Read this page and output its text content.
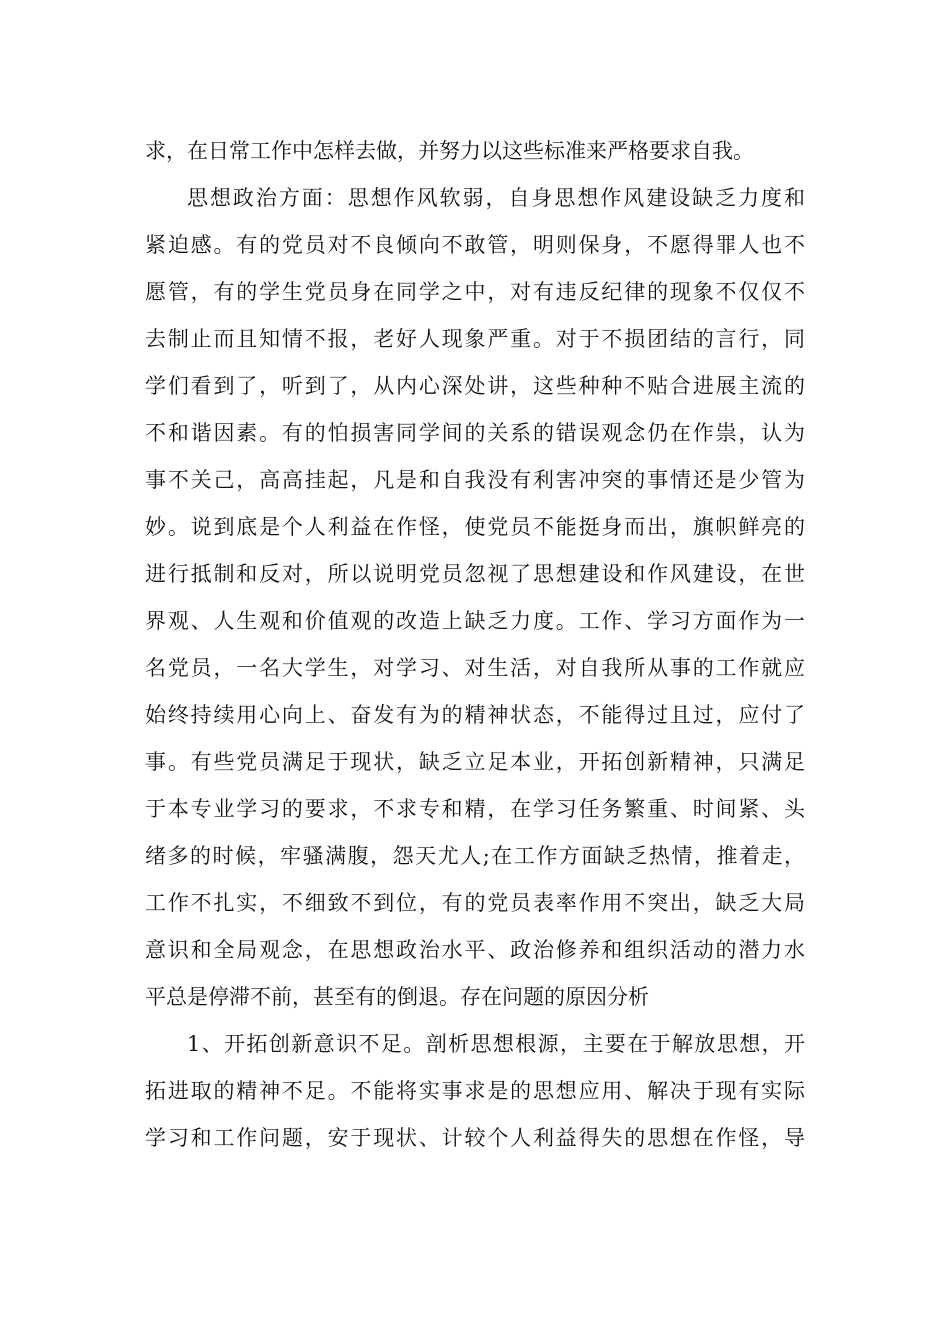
求，在日常工作中怎样去做，并努力以这些标准来严格要求自我。
思想政治方面：思想作风软弱，自身思想作风建设缺乏力度和
紧迫感。有的党员对不良倾向不敢管，明则保身，不愿得罪人也不
愿管，有的学生党员身在同学之中，对有违反纪律的现象不仅仅不
去制止而且知情不报，老好人现象严重。对于不损团结的言行，同
学们看到了，听到了，从内心深处讲，这些种种不贴合进展主流的
不和谐因素。有的怕损害同学间的关系的错误观念仍在作祟，认为
事不关己，高高挂起，凡是和自我没有利害冲突的事情还是少管为
妙。说到底是个人利益在作怪，使党员不能挺身而出，旗帜鲜亮的
进行抵制和反对，所以说明党员忽视了思想建设和作风建设，在世
界观、人生观和价值观的改造上缺乏力度。工作、学习方面作为一
名党员，一名大学生，对学习、对生活，对自我所从事的工作就应
始终持续用心向上、奋发有为的精神状态，不能得过且过，应付了
事。有些党员满足于现状，缺乏立足本业，开拓创新精神，只满足
于本专业学习的要求，不求专和精，在学习任务繁重、时间紧、头
绪多的时候，牢骚满腹，怨天尤人;在工作方面缺乏热情，推着走，
工作不扎实，不细致不到位，有的党员表率作用不突出，缺乏大局
意识和全局观念，在思想政治水平、政治修养和组织活动的潜力水
平总是停滞不前，甚至有的倒退。存在问题的原因分析
1、开拓创新意识不足。剖析思想根源，主要在于解放思想，开
拓进取的精神不足。不能将实事求是的思想应用、解决于现有实际
学习和工作问题，安于现状、计较个人利益得失的思想在作怪，导
